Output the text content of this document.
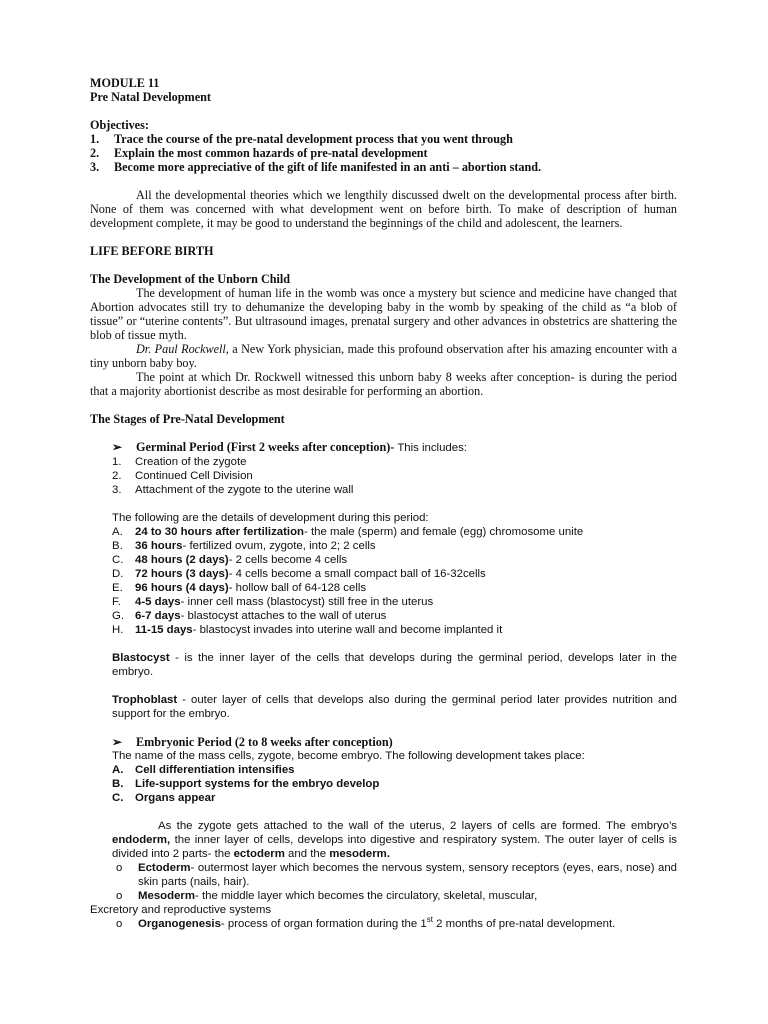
MODULE 11
Pre Natal Development
Objectives:
1.	Trace the course of the pre-natal development process that you went through
2.	Explain the most common hazards of pre-natal development
3.	Become more appreciative of the gift of life manifested in an anti – abortion stand.
All the developmental theories which we lengthily discussed dwelt on the developmental process after birth. None of them was concerned with what development went on before birth. To make of description of human development complete, it may be good to understand the beginnings of the child and adolescent, the learners.
LIFE BEFORE BIRTH
The Development of the Unborn Child
The development of human life in the womb was once a mystery but science and medicine have changed that Abortion advocates still try to dehumanize the developing baby in the womb by speaking of the child as “a blob of tissue” or “uterine contents”. But ultrasound images, prenatal surgery and other advances in obstetrics are shattering the blob of tissue myth.
Dr. Paul Rockwell, a New York physician, made this profound observation after his amazing encounter with a tiny unborn baby boy.
The point at which Dr. Rockwell witnessed this unborn baby 8 weeks after conception- is during the period that a majority abortionist describe as most desirable for performing an abortion.
The Stages of Pre-Natal Development
➢	Germinal Period (First 2 weeks after conception)- This includes:
1.	Creation of the zygote
2.	Continued Cell Division
3.	Attachment of the zygote to the uterine wall
The following are the details of development during this period:
A.	24 to 30 hours after fertilization- the male (sperm) and female (egg) chromosome unite
B.	36 hours- fertilized ovum, zygote, into 2; 2 cells
C.	48 hours (2 days)- 2 cells become 4 cells
D.	72 hours (3 days)- 4 cells become a small compact ball of 16-32cells
E.	96 hours (4 days)- hollow ball of 64-128 cells
F.	4-5 days- inner cell mass (blastocyst) still free in the uterus
G. 6-7 days- blastocyst attaches to the wall of uterus
H.	11-15 days- blastocyst invades into uterine wall and become implanted it
Blastocyst - is the inner layer of the cells that develops during the germinal period, develops later in the embryo.
Trophoblast - outer layer of cells that develops also during the germinal period later provides nutrition and support for the embryo.
➢	Embryonic Period (2 to 8 weeks after conception)
The name of the mass cells, zygote, become embryo. The following development takes place:
A.	Cell differentiation intensifies
B.	Life-support systems for the embryo develop
C.	Organs appear
As the zygote gets attached to the wall of the uterus, 2 layers of cells are formed. The embryo’s endoderm, the inner layer of cells, develops into digestive and respiratory system. The outer layer of cells is divided into 2 parts- the ectoderm and the mesoderm.
o	Ectoderm- outermost layer which becomes the nervous system, sensory receptors (eyes, ears, nose) and skin parts (nails, hair).
o	Mesoderm- the middle layer which becomes the circulatory, skeletal, muscular,
Excretory and reproductive systems
o	Organogenesis- process of organ formation during the 1st 2 months of pre-natal development.
